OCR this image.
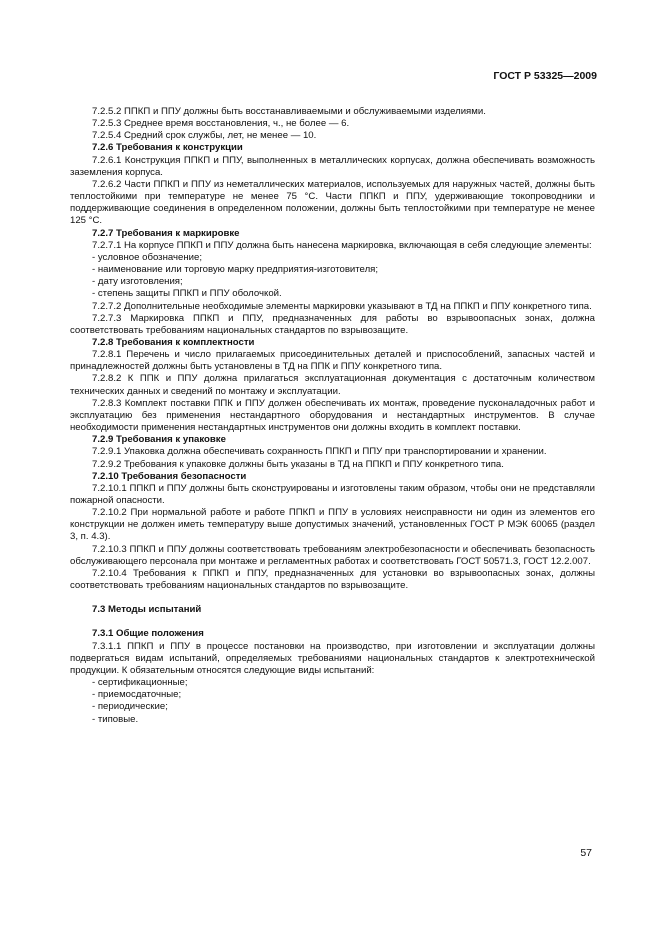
ГОСТ Р 53325—2009

7.2.5.2 ППКП и ППУ должны быть восстанавливаемыми и обслуживаемыми изделиями.

7.2.5.3 Среднее время восстановления, ч., не более — 6.

7.2.5.4 Средний срок службы, лет, не менее — 10.

7.2.6 Требования к конструкции

7.2.6.1 Конструкция ППКП и ППУ, выполненных в металлических корпусах, должна обеспечивать возможность заземления корпуса.

7.2.6.2 Части ППКП и ППУ из неметаллических материалов, используемых для наружных частей, должны быть теплостойкими при температуре не менее 75 °С. Части ППКП и ППУ, удерживающие токопроводники и поддерживающие соединения в определенном положении, должны быть теплостойкими при температуре не менее 125 °С.

7.2.7 Требования к маркировке

7.2.7.1 На корпусе ППКП и ППУ должна быть нанесена маркировка, включающая в себя следующие элементы:

- условное обозначение;

- наименование или торговую марку предприятия-изготовителя;

- дату изготовления;

- степень защиты ППКП и ППУ оболочкой.

7.2.7.2 Дополнительные необходимые элементы маркировки указывают в ТД на ППКП и ППУ конкретного типа.

7.2.7.3 Маркировка ППКП и ППУ, предназначенных для работы во взрывоопасных зонах, должна соответствовать требованиям национальных стандартов по взрывозащите.

7.2.8 Требования к комплектности

7.2.8.1 Перечень и число прилагаемых присоединительных деталей и приспособлений, запасных частей и принадлежностей должны быть установлены в ТД на ППК и ППУ конкретного типа.

7.2.8.2 К ППК и ППУ должна прилагаться эксплуатационная документация с достаточным количеством технических данных и сведений по монтажу и эксплуатации.

7.2.8.3 Комплект поставки ППК и ППУ должен обеспечивать их монтаж, проведение пусконаладочных работ и эксплуатацию без применения нестандартного оборудования и нестандартных инструментов. В случае необходимости применения нестандартных инструментов они должны входить в комплект поставки.

7.2.9 Требования к упаковке

7.2.9.1 Упаковка должна обеспечивать сохранность ППКП и ППУ при транспортировании и хранении.

7.2.9.2 Требования к упаковке должны быть указаны в ТД на ППКП и ППУ конкретного типа.

7.2.10 Требования безопасности

7.2.10.1 ППКП и ППУ должны быть сконструированы и изготовлены таким образом, чтобы они не представляли пожарной опасности.

7.2.10.2 При нормальной работе и работе ППКП и ППУ в условиях неисправности ни один из элементов его конструкции не должен иметь температуру выше допустимых значений, установленных ГОСТ Р МЭК 60065 (раздел 3, п. 4.3).

7.2.10.3 ППКП и ППУ должны соответствовать требованиям электробезопасности и обеспечивать безопасность обслуживающего персонала при монтаже и регламентных работах и соответствовать ГОСТ 50571.3, ГОСТ 12.2.007.

7.2.10.4 Требования к ППКП и ППУ, предназначенных для установки во взрывоопасных зонах, должны соответствовать требованиям национальных стандартов по взрывозащите.

7.3 Методы испытаний

7.3.1 Общие положения

7.3.1.1 ППКП и ППУ в процессе постановки на производство, при изготовлении и эксплуатации должны подвергаться видам испытаний, определяемых требованиями национальных стандартов к электротехнической продукции. К обязательным относятся следующие виды испытаний:

- сертификационные;

- приемосдаточные;

- периодические;

- типовые.

57
